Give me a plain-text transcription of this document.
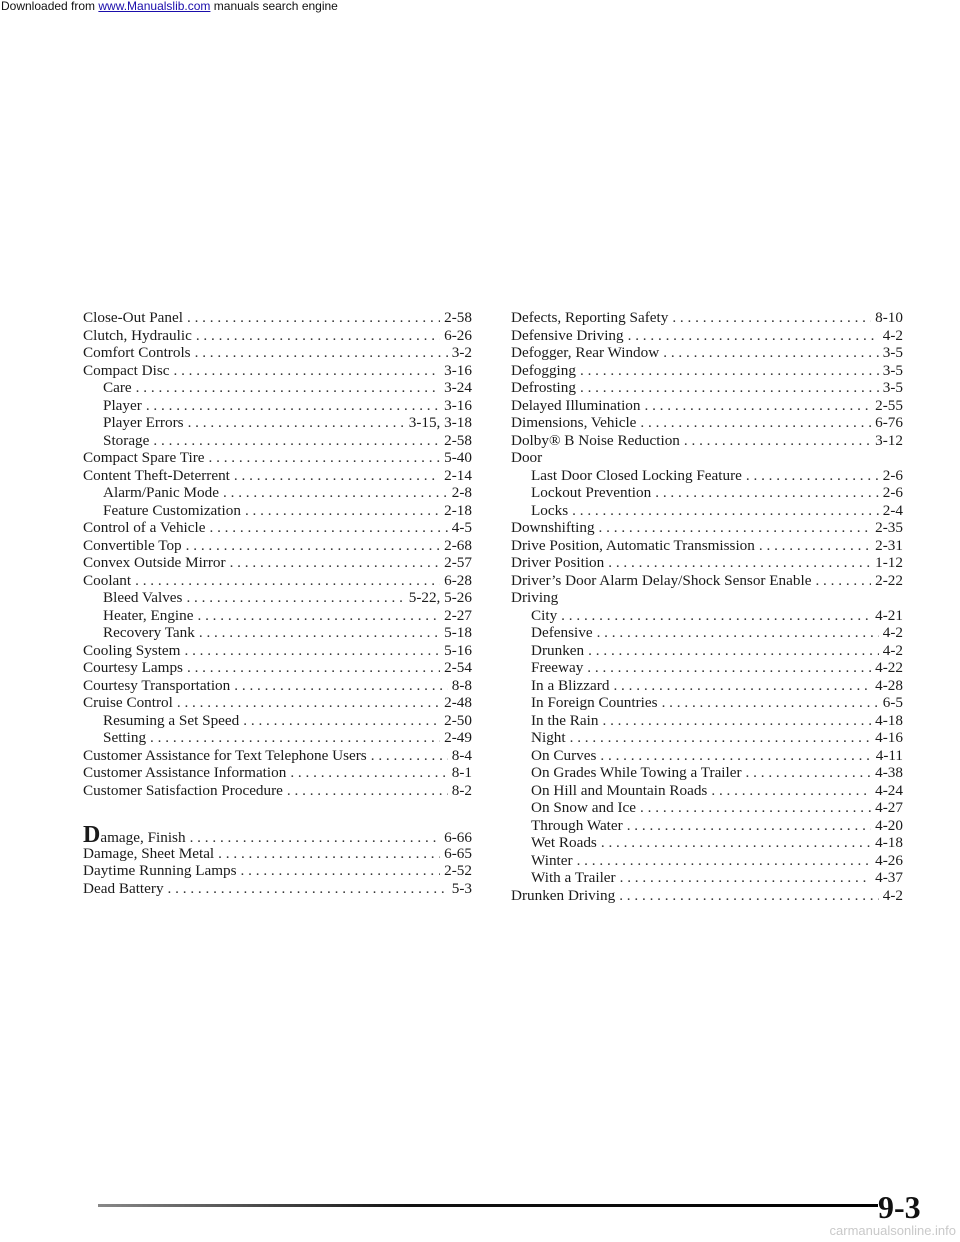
Downloaded from www.Manualslib.com manuals search engine
Close-Out Panel . . .	2-58
Clutch, Hydraulic . . .	6-26
Comfort Controls . . .	3-2
Compact Disc . . .	3-16
Care . . .	3-24
Player . . .	3-16
Player Errors . . .	3-15, 3-18
Storage . . .	2-58
Compact Spare Tire . . .	5-40
Content Theft-Deterrent . . .	2-14
Alarm/Panic Mode . . .	2-8
Feature Customization . . .	2-18
Control of a Vehicle . . .	4-5
Convertible Top . . .	2-68
Convex Outside Mirror . . .	2-57
Coolant . . .	6-28
Bleed Valves . . .	5-22, 5-26
Heater, Engine . . .	2-27
Recovery Tank . . .	5-18
Cooling System . . .	5-16
Courtesy Lamps . . .	2-54
Courtesy Transportation . . .	8-8
Cruise Control . . .	2-48
Resuming a Set Speed . . .	2-50
Setting . . .	2-49
Customer Assistance for Text Telephone Users . . .	8-4
Customer Assistance Information . . .	8-1
Customer Satisfaction Procedure . . .	8-2
Damage, Finish . . .	6-66
Damage, Sheet Metal . . .	6-65
Daytime Running Lamps . . .	2-52
Dead Battery . . .	5-3
Defects, Reporting Safety . . .	8-10
Defensive Driving . . .	4-2
Defogger, Rear Window . . .	3-5
Defogging . . .	3-5
Defrosting . . .	3-5
Delayed Illumination . . .	2-55
Dimensions, Vehicle . . .	6-76
Dolby® B Noise Reduction . . .	3-12
Door
Last Door Closed Locking Feature . . .	2-6
Lockout Prevention . . .	2-6
Locks . . .	2-4
Downshifting . . .	2-35
Drive Position, Automatic Transmission . . .	2-31
Driver Position . . .	1-12
Driver’s Door Alarm Delay/Shock Sensor Enable . . .	2-22
Driving
City . . .	4-21
Defensive . . .	4-2
Drunken . . .	4-2
Freeway . . .	4-22
In a Blizzard . . .	4-28
In Foreign Countries . . .	6-5
In the Rain . . .	4-18
Night . . .	4-16
On Curves . . .	4-11
On Grades While Towing a Trailer . . .	4-38
On Hill and Mountain Roads . . .	4-24
On Snow and Ice . . .	4-27
Through Water . . .	4-20
Wet Roads . . .	4-18
Winter . . .	4-26
With a Trailer . . .	4-37
Drunken Driving . . .	4-2
9-3
carmanualsonline.info
